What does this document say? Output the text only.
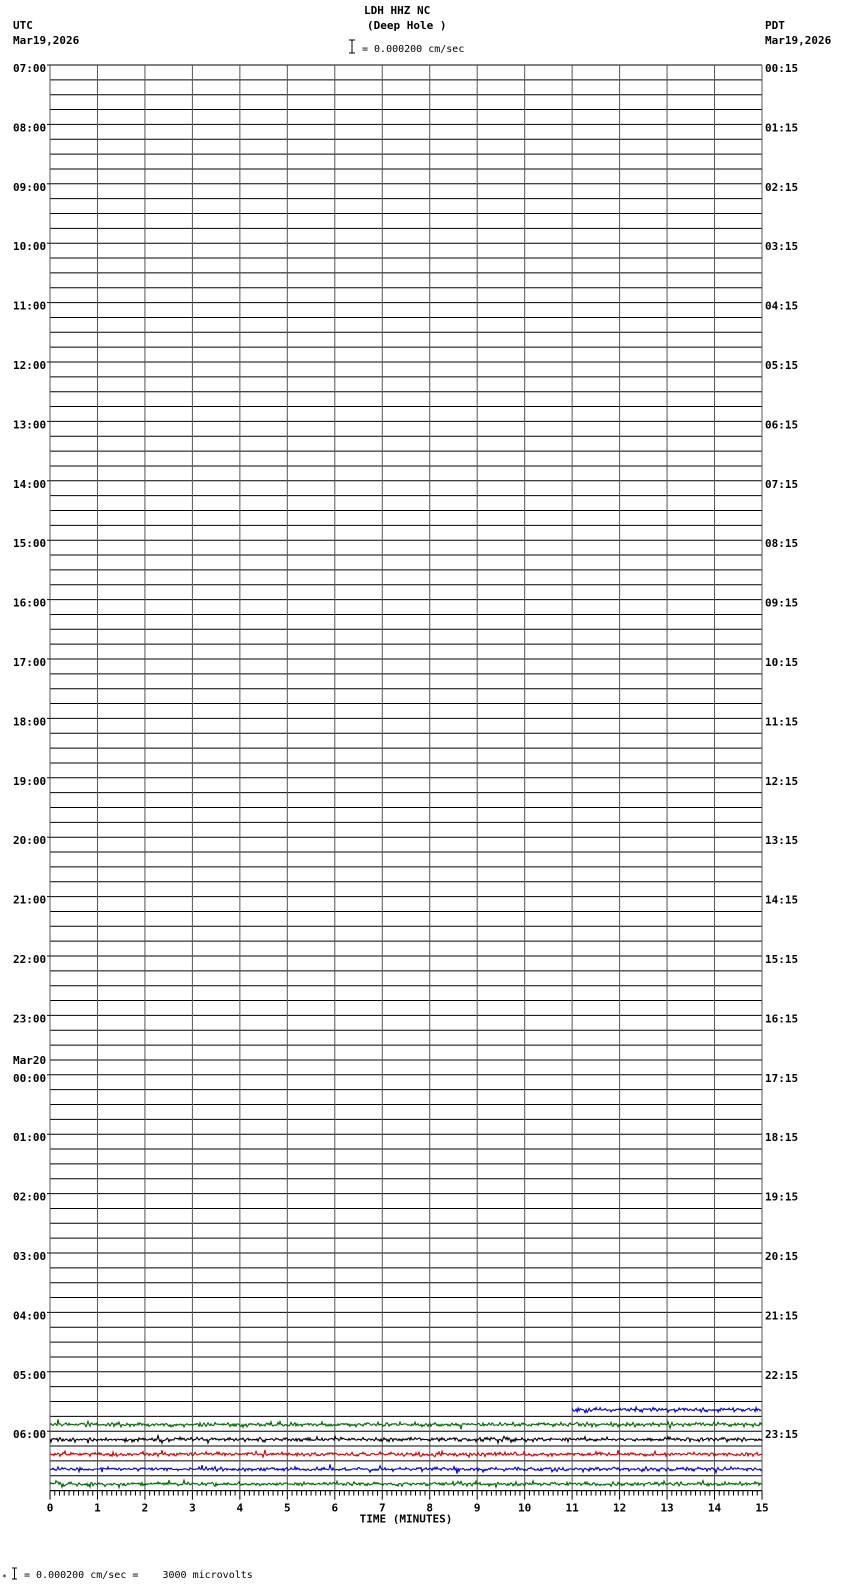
LDH HHZ NC
(Deep Hole )
= 0.000200 cm/sec
UTC
Mar19,2026
PDT
Mar19,2026
= 0.000200 cm/sec =    3000 microvolts
*
07:00
08:00
09:00
10:00
11:00
12:00
13:00
14:00
15:00
16:00
17:00
18:00
19:00
20:00
21:00
22:00
23:00
00:00
01:00
02:00
03:00
04:00
05:00
06:00
Mar20
00:15
01:15
02:15
03:15
04:15
05:15
06:15
07:15
08:15
09:15
10:15
11:15
12:15
13:15
14:15
15:15
16:15
17:15
18:15
19:15
20:15
21:15
22:15
23:15
0	1	2	3	4	5	6	7	8	9	10	11	12	13	14	15
TIME (MINUTES)
